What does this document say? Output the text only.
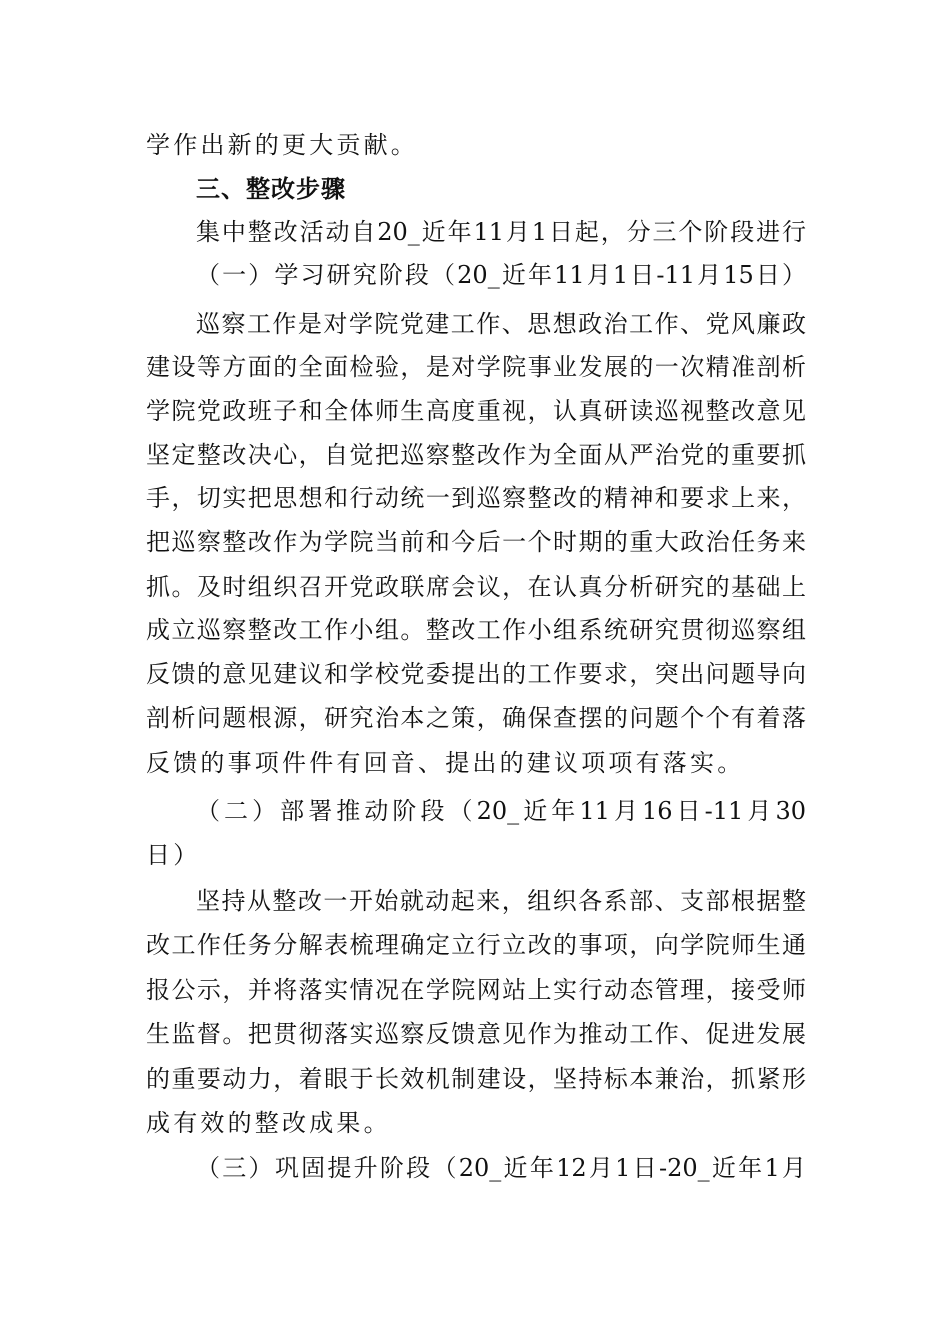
学作出新的更大贡献。
三、整改步骤
集中整改活动自20_近年11月1日起，分三个阶段进行
（一）学习研究阶段（20_近年11月1日-11月15日）
巡察工作是对学院党建工作、思想政治工作、党风廉政
建设等方面的全面检验，是对学院事业发展的一次精准剖析
学院党政班子和全体师生高度重视，认真研读巡视整改意见
坚定整改决心，自觉把巡察整改作为全面从严治党的重要抓
手，切实把思想和行动统一到巡察整改的精神和要求上来，
把巡察整改作为学院当前和今后一个时期的重大政治任务来
抓。及时组织召开党政联席会议，在认真分析研究的基础上
成立巡察整改工作小组。整改工作小组系统研究贯彻巡察组
反馈的意见建议和学校党委提出的工作要求，突出问题导向
剖析问题根源，研究治本之策，确保查摆的问题个个有着落
反馈的事项件件有回音、提出的建议项项有落实。
（二）部署推动阶段（20_近年11月16日-11月30
日）
坚持从整改一开始就动起来，组织各系部、支部根据整
改工作任务分解表梳理确定立行立改的事项，向学院师生通
报公示，并将落实情况在学院网站上实行动态管理，接受师
生监督。把贯彻落实巡察反馈意见作为推动工作、促进发展
的重要动力，着眼于长效机制建设，坚持标本兼治，抓紧形
成有效的整改成果。
（三）巩固提升阶段（20_近年12月1日-20_近年1月
